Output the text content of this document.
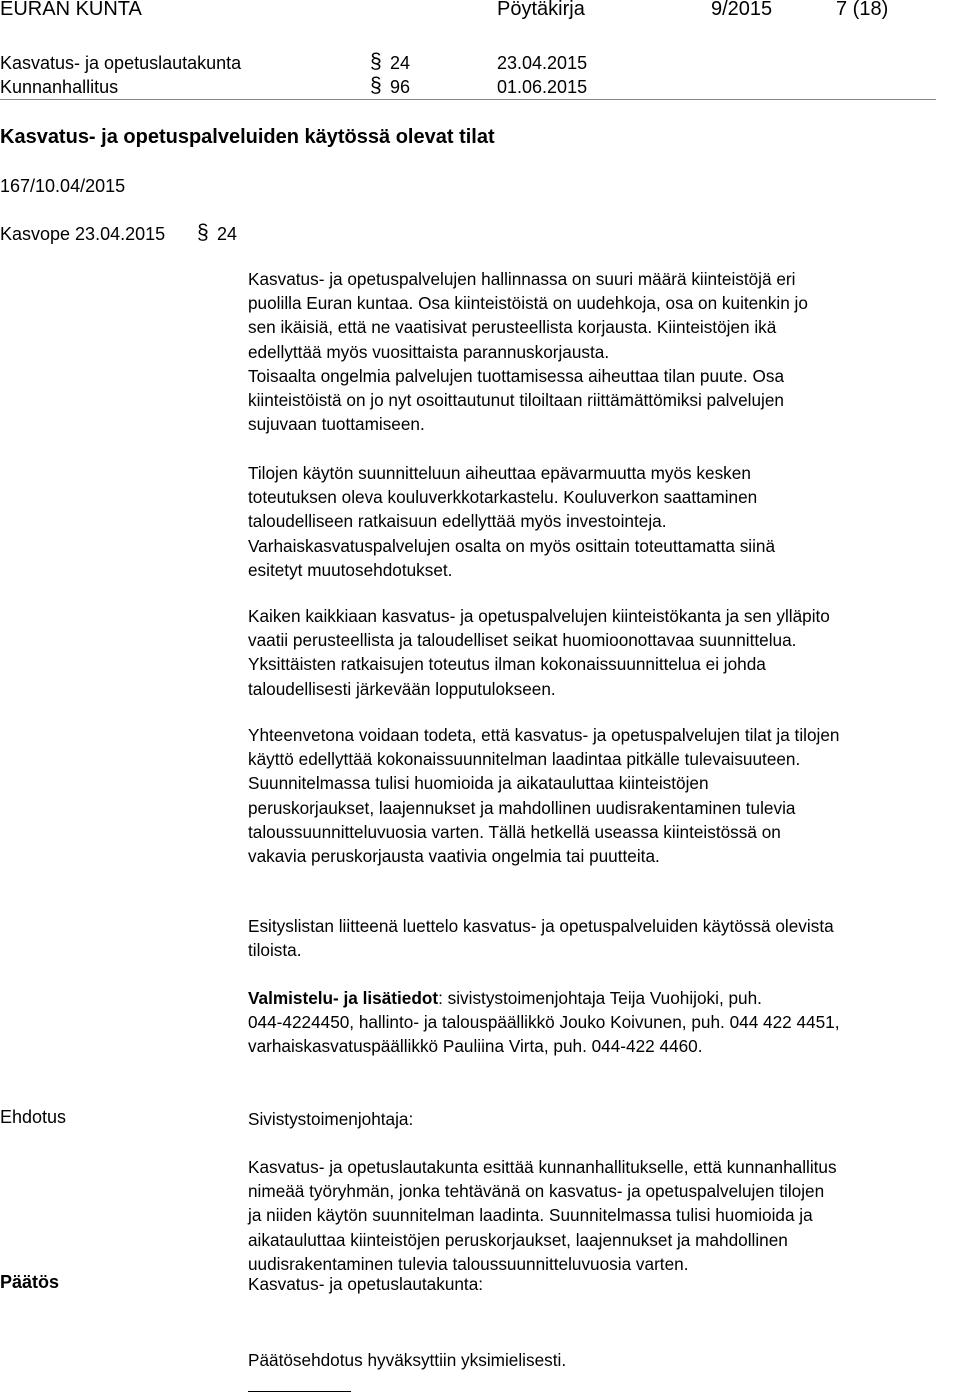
EURAN KUNTA	Pöytäkirja	9/2015	7 (18)
Kasvatus- ja opetuslautakunta	§ 24	23.04.2015
Kunnanhallitus	§ 96	01.06.2015
Kasvatus- ja opetuspalveluiden käytössä olevat tilat
167/10.04/2015
Kasvope 23.04.2015 § 24
Kasvatus- ja opetuspalvelujen hallinnassa on suuri määrä kiinteistöjä eri
puolilla Euran kuntaa. Osa kiinteistöistä on uudehkoja, osa on kuitenkin jo
sen ikäisiä, että ne vaatisivat perusteellista korjausta. Kiinteistöjen ikä
edellyttää myös vuosittaista parannuskorjausta.
Toisaalta ongelmia palvelujen tuottamisessa aiheuttaa tilan puute. Osa
kiinteistöistä on jo nyt osoittautunut tiloiltaan riittämättömiksi palvelujen
sujuvaan tuottamiseen.
Tilojen käytön suunnitteluun aiheuttaa epävarmuutta myös kesken
toteutuksen oleva kouluverkkotarkastelu. Kouluverkon saattaminen
taloudelliseen ratkaisuun edellyttää myös investointeja.
Varhaiskasvatuspalvelujen osalta on myös osittain toteuttamatta siinä
esitetyt muutosehdotukset.
Kaiken kaikkiaan kasvatus- ja opetuspalvelujen kiinteistökanta ja sen ylläpito
vaatii perusteellista ja taloudelliset seikat huomioonottavaa suunnittelua.
Yksittäisten ratkaisujen toteutus ilman kokonaissuunnittelua ei johda
taloudellisesti järkevään lopputulokseen.
Yhteenvetona voidaan todeta, että kasvatus- ja opetuspalvelujen tilat ja tilojen
käyttö edellyttää kokonaissuunnitelman laadintaa pitkälle tulevaisuuteen.
Suunnitelmassa tulisi huomioida ja aikatauluttaa kiinteistöjen
peruskorjaukset, laajennukset ja mahdollinen uudisrakentaminen tulevia
taloussuunnitteluvuosia varten. Tällä hetkellä useassa kiinteistössä on
vakavia peruskorjausta vaativia ongelmia tai puutteita.
Esityslistan liitteenä luettelo kasvatus- ja opetuspalveluiden käytössä olevista
tiloista.
Valmistelu- ja lisätiedot: sivistystoimenjohtaja Teija Vuohijoki, puh.
044-4224450, hallinto- ja talouspäällikkö Jouko Koivunen, puh. 044 422 4451,
varhaiskasvatuspäällikkö Pauliina Virta, puh. 044-422 4460.
Ehdotus	Sivistystoimenjohtaja:
Kasvatus- ja opetuslautakunta esittää kunnanhallitukselle, että kunnanhallitus
nimeää työryhmän, jonka tehtävänä on kasvatus- ja opetuspalvelujen tilojen
ja niiden käytön suunnitelman laadinta. Suunnitelmassa tulisi huomioida ja
aikatauluttaa kiinteistöjen peruskorjaukset, laajennukset ja mahdollinen
uudisrakentaminen tulevia taloussuunnitteluvuosia varten.
Päätös	Kasvatus- ja opetuslautakunta:
Päätösehdotus hyväksyttiin yksimielisesti.
